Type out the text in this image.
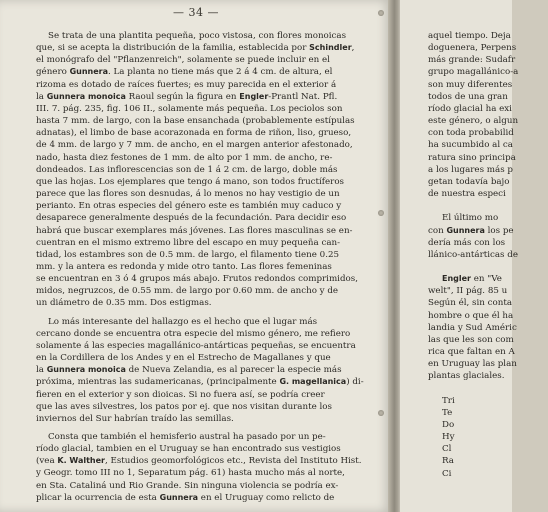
— 34 —
Se trata de una plantita pequeña, poco vistosa, con flores monoicas
que, si se acepta la distribución de la familia, establecida por Schindler,
el monógrafo del "Pflanzenreich", solamente se puede incluir en el
género Gunnera. La planta no tiene más que 2 á 4 cm. de altura, el
rizoma es dotado de raíces fuertes; es muy parecida en el exterior á
la Gunnera monoica Raoul según la figura en Engler-Prantl Nat. Pfl.
III. 7. pág. 235, fig. 106 II., solamente más pequeña. Los peciolos son
hasta 7 mm. de largo, con la base ensanchada (probablemente estípulas
adnatas), el limbo de base acorazonada en forma de riñon, liso, grueso,
de 4 mm. de largo y 7 mm. de ancho, en el margen anterior afestonado,
nado, hasta diez festones de 1 mm. de alto por 1 mm. de ancho, re-
dondeados. Las inflorescencias son de 1 á 2 cm. de largo, doble más
que las hojas. Los ejemplares que tengo á mano, son todos fructíferos
parece que las flores son desnudas, á lo menos no hay vestigio de un
perianto. En otras especies del género este es también muy caduco y
desaparece generalmente después de la fecundación. Para decidir eso
habrá que buscar exemplares más jóvenes. Las flores masculinas se en-
cuentran en el mismo extremo libre del escapo en muy pequeña can-
tidad, los estambres son de 0.5 mm. de largo, el filamento tiene 0.25
mm. y la antera es redonda y mide otro tanto. Las flores femeninas
se encuentran en 3 ó 4 grupos más abajo. Frutos redondos comprimidos,
midos, negruzcos, de 0.55 mm. de largo por 0.60 mm. de ancho y de
un diámetro de 0.35 mm. Dos estigmas.
Lo más interesante del hallazgo es el hecho que el lugar más
cercano donde se encuentra otra especie del mismo género, me refiero
solamente á las especies magallánico-antárticas pequeñas, se encuentra
en la Cordillera de los Andes y en el Estrecho de Magallanes y que
la Gunnera monoica de Nueva Zelandia, es al parecer la especie más
próxima, mientras las sudamericanas, (principalmente G. magellanica) di-
fieren en el exterior y son dioicas. Si no fuera así, se podría creer
que las aves silvestres, los patos por ej. que nos visitan durante los
inviernos del Sur habrían traído las semillas.
Consta que también el hemisferio austral ha pasado por un pe-
ríodo glacial, tambien en el Uruguay se han encontrado sus vestigios
(vea K. Walther, Estudios geomorfológicos etc., Revista del Instituto Hist.
y Geogr. tomo III no 1, Separatum pág. 61) hasta mucho más al norte,
en Sta. Cataliná und Rio Grande. Sin ninguna violencia se podría ex-
plicar la ocurrencia de esta Gunnera en el Uruguay como relicto de
aquel tiempo. Deja
doguenera, Perpens
más grande: Sudafr
grupo magallánico-a
son muy diferentes
todos de una gran
ríodo glacial ha exi
este género, o algun
con toda probabilid
ha sucumbido al ca
ratura sino principa
a los lugares más p
getan todavía bajo
de nuestra especi

El último mo
con Gunnera los pe
dería más con los
llánico-antárticas de

Engler en "Ve
welt", II pág. 85 u
Según él, sin conta
hombre o que él ha
landia y Sud Améric
las que les son com
rica que faltan en A
en Uruguay las plan
plantas glaciales.

Tri
Te
Do
Hy
Cl
Ra
Ci
